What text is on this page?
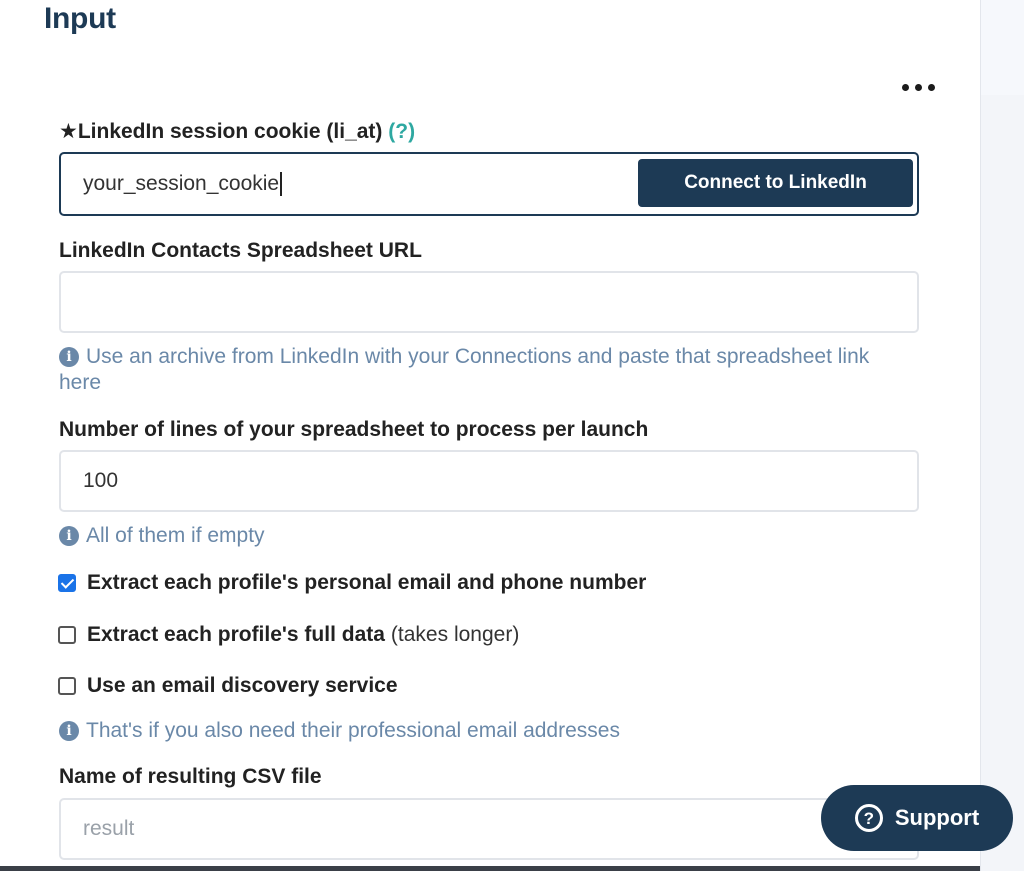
Input
★LinkedIn session cookie (li_at) (?)
your_session_cookie	Connect to LinkedIn
LinkedIn Contacts Spreadsheet URL
i Use an archive from LinkedIn with your Connections and paste that spreadsheet link here
Number of lines of your spreadsheet to process per launch
100
i All of them if empty
Extract each profile's personal email and phone number
Extract each profile's full data (takes longer)
Use an email discovery service
i That's if you also need their professional email addresses
Name of resulting CSV file
result	? Support
